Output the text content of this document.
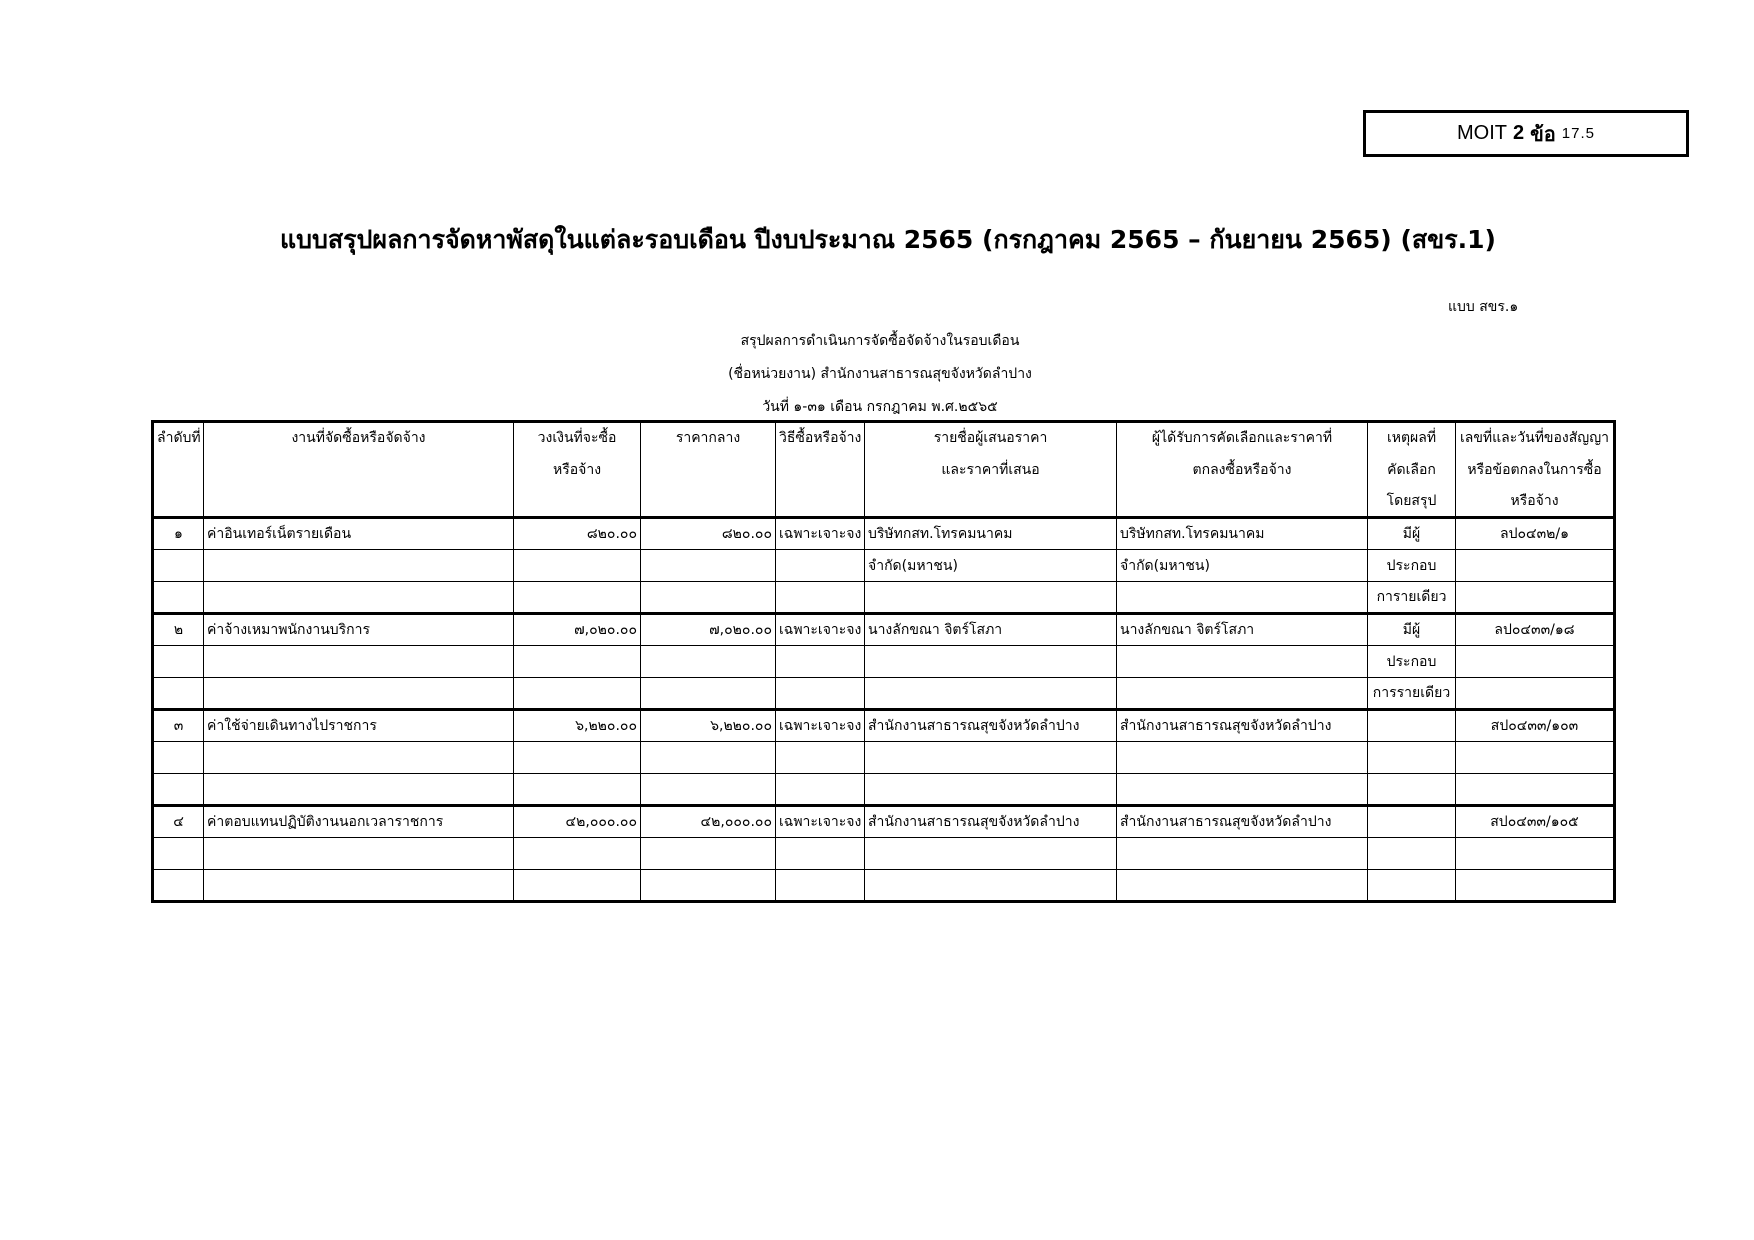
MOIT 2 ข้อ 17.5
แบบสรุปผลการจัดหาพัสดุในแต่ละรอบเดือน ปีงบประมาณ 2565 (กรกฎาคม 2565 – กันยายน 2565) (สขร.1)
แบบ สขร.๑
สรุปผลการดำเนินการจัดซื้อจัดจ้างในรอบเดือน
(ชื่อหน่วยงาน) สำนักงานสาธารณสุขจังหวัดลำปาง
วันที่ ๑-๓๑ เดือน กรกฎาคม พ.ศ.๒๕๖๕
ลำดับที่	งานที่จัดซื้อหรือจัดจ้าง	วงเงินที่จะซื้อ	ราคากลาง	วิธีซื้อหรือจ้าง	รายชื่อผู้เสนอราคา	ผู้ได้รับการคัดเลือกและราคาที่	เหตุผลที่	เลขที่และวันที่ของสัญญา
		หรือจ้าง			และราคาที่เสนอ	ตกลงซื้อหรือจ้าง	คัดเลือก	หรือข้อตกลงในการซื้อ
							โดยสรุป	หรือจ้าง
๑	ค่าอินเทอร์เน็ตรายเดือน	๘๒๐.๐๐	๘๒๐.๐๐	เฉพาะเจาะจง	บริษัทกสท.โทรคมนาคม	บริษัทกสท.โทรคมนาคม	มีผู้	ลป๐๔๓๒/๑
					จำกัด(มหาชน)	จำกัด(มหาชน)	ประกอบ	
							การายเดียว	
๒	ค่าจ้างเหมาพนักงานบริการ	๗,๐๒๐.๐๐	๗,๐๒๐.๐๐	เฉพาะเจาะจง	นางลักขณา จิตร์โสภา	นางลักขณา จิตร์โสภา	มีผู้	ลป๐๔๓๓/๑๘
							ประกอบ	
							การรายเดียว	
๓	ค่าใช้จ่ายเดินทางไปราชการ	๖,๒๒๐.๐๐	๖,๒๒๐.๐๐	เฉพาะเจาะจง	สำนักงานสาธารณสุขจังหวัดลำปาง	สำนักงานสาธารณสุขจังหวัดลำปาง		สป๐๔๓๓/๑๐๓

๔	ค่าตอบแทนปฏิบัติงานนอกเวลาราชการ	๔๒,๐๐๐.๐๐	๔๒,๐๐๐.๐๐	เฉพาะเจาะจง	สำนักงานสาธารณสุขจังหวัดลำปาง	สำนักงานสาธารณสุขจังหวัดลำปาง		สป๐๔๓๓/๑๐๕
